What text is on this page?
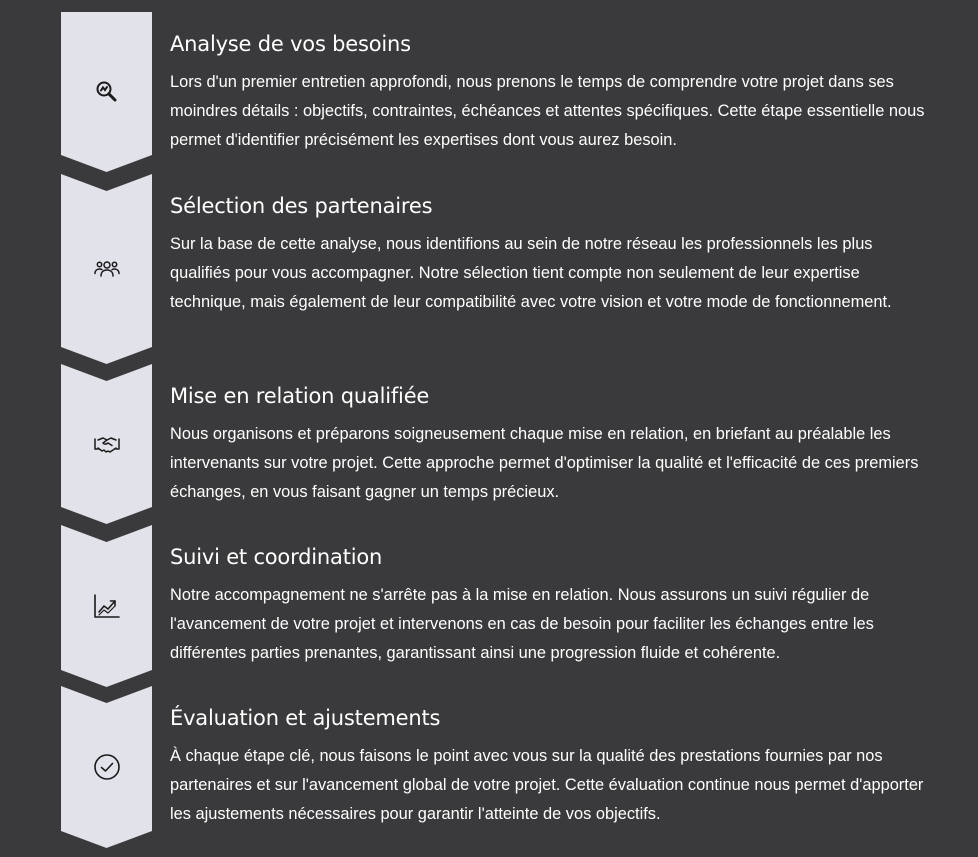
Analyse de vos besoins

Lors d'un premier entretien approfondi, nous prenons le temps de comprendre votre projet dans ses moindres détails : objectifs, contraintes, échéances et attentes spécifiques. Cette étape essentielle nous permet d'identifier précisément les expertises dont vous aurez besoin.

Sélection des partenaires

Sur la base de cette analyse, nous identifions au sein de notre réseau les professionnels les plus qualifiés pour vous accompagner. Notre sélection tient compte non seulement de leur expertise technique, mais également de leur compatibilité avec votre vision et votre mode de fonctionnement.

Mise en relation qualifiée

Nous organisons et préparons soigneusement chaque mise en relation, en briefant au préalable les intervenants sur votre projet. Cette approche permet d'optimiser la qualité et l'efficacité de ces premiers échanges, en vous faisant gagner un temps précieux.

Suivi et coordination

Notre accompagnement ne s'arrête pas à la mise en relation. Nous assurons un suivi régulier de l'avancement de votre projet et intervenons en cas de besoin pour faciliter les échanges entre les différentes parties prenantes, garantissant ainsi une progression fluide et cohérente.

Évaluation et ajustements

À chaque étape clé, nous faisons le point avec vous sur la qualité des prestations fournies par nos partenaires et sur l'avancement global de votre projet. Cette évaluation continue nous permet d'apporter les ajustements nécessaires pour garantir l'atteinte de vos objectifs.
